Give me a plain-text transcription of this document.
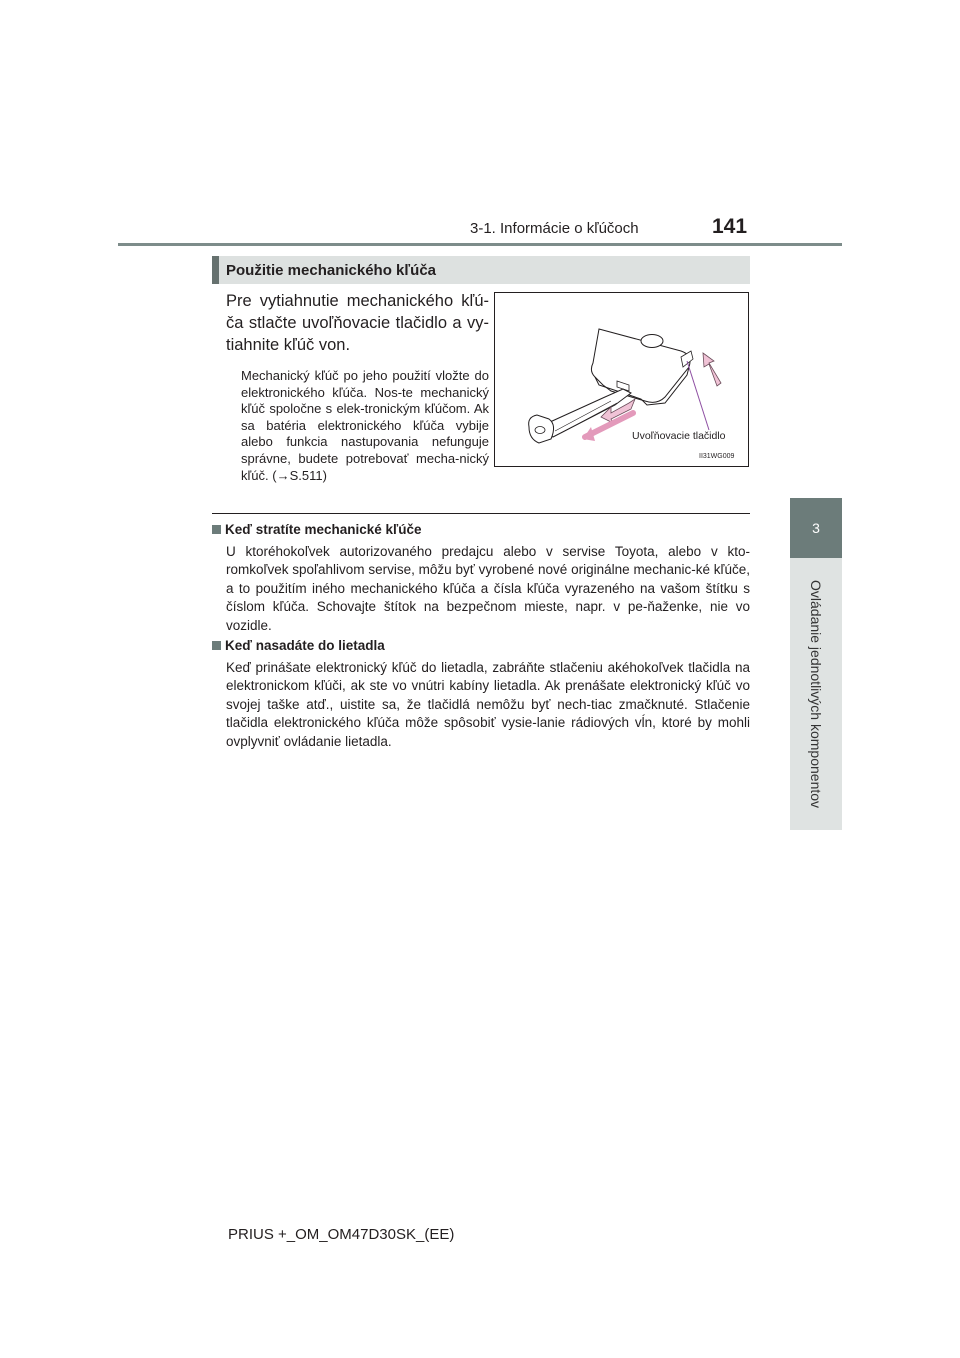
3-1. Informácie o kľúčoch	141
3
Ovládanie jednotlivých komponentov
Použitie mechanického kľúča
Pre vytiahnutie mechanického kľú-ča stlačte uvoľňovacie tlačidlo a vy-tiahnite kľúč von.
Mechanický kľúč po jeho použití vložte do elektronického kľúča. Nos-te mechanický kľúč spoločne s elek-tronickým kľúčom. Ak sa batéria elektronického kľúča vybije alebo funkcia nastupovania nefunguje správne, budete potrebovať mecha-nický kľúč. (→S.511)
Uvoľňovacie tlačidlo
II31WG009
Keď stratíte mechanické kľúče
U ktoréhokoľvek autorizovaného predajcu alebo v servise Toyota, alebo v kto-romkoľvek spoľahlivom servise, môžu byť vyrobené nové originálne mechanic-ké kľúče, a to použitím iného mechanického kľúča a čísla kľúča vyrazeného na vašom štítku s číslom kľúča. Schovajte štítok na bezpečnom mieste, napr. v pe-ňaženke, nie vo vozidle.
Keď nasadáte do lietadla
Keď prinášate elektronický kľúč do lietadla, zabráňte stlačeniu akéhokoľvek tlačidla na elektronickom kľúči, ak ste vo vnútri kabíny lietadla. Ak prenášate elektronický kľúč vo svojej taške atď., uistite sa, že tlačidlá nemôžu byť nech-tiac zmačknuté. Stlačenie tlačidla elektronického kľúča môže spôsobiť vysie-lanie rádiových vĺn, ktoré by mohli ovplyvniť ovládanie lietadla.
PRIUS +_OM_OM47D30SK_(EE)
